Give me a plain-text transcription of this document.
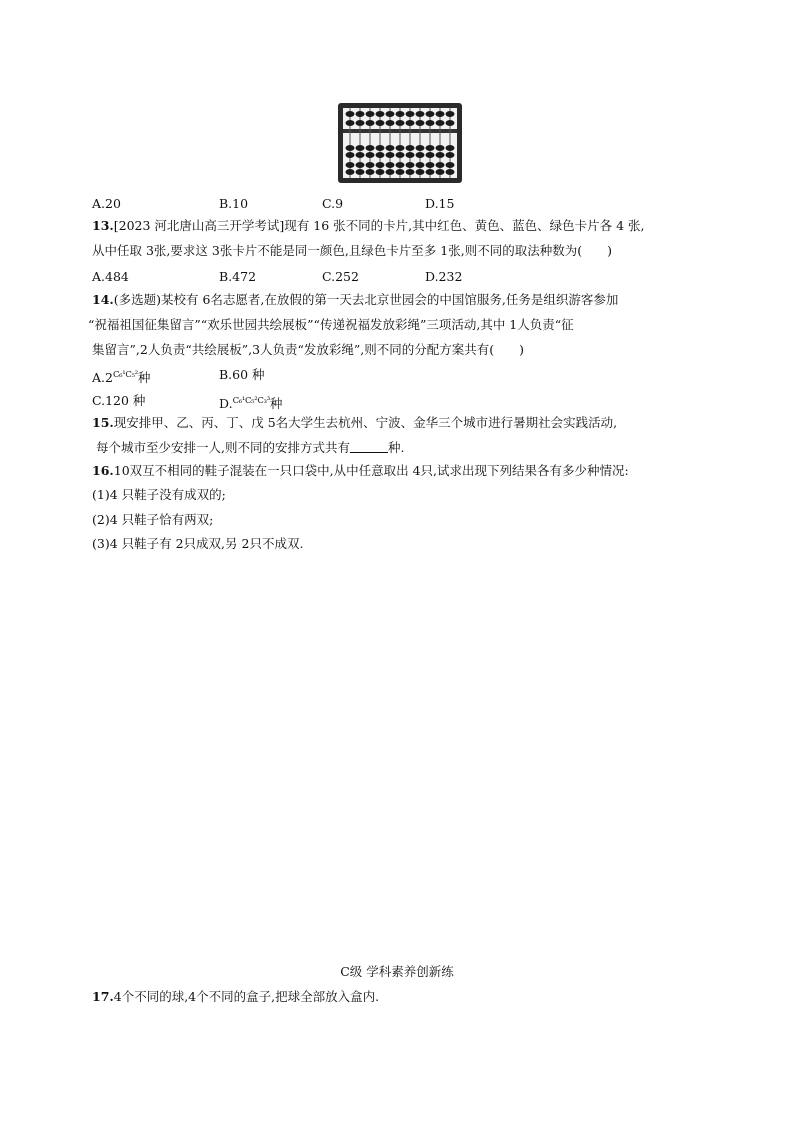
A.20	B.10	C.9	D.15
13.[2023 河北唐山高三开学考试]现有 16 张不同的卡片,其中红色、黄色、蓝色、绿色卡片各 4 张,
从中任取 3张,要求这 3张卡片不能是同一颜色,且绿色卡片至多 1张,则不同的取法种数为(　　)
A.484	B.472	C.252	D.232
14.(多选题)某校有 6名志愿者,在放假的第一天去北京世园会的中国馆服务,任务是组织游客参加
“祝福祖国征集留言”“欢乐世园共绘展板”“传递祝福发放彩绳”三项活动,其中 1人负责“征
集留言”,2人负责“共绘展板”,3人负责“发放彩绳”,则不同的分配方案共有(　　)
$A.2^{C_6^1C_5^2}$种	B.60 种
C.120 种	D.$^{C_6^1C_5^2C_3^3}$种
15.现安排甲、乙、丙、丁、戊 5名大学生去杭州、宁波、金华三个城市进行暑期社会实践活动,
每个城市至少安排一人,则不同的安排方式共有	种.
16.10双互不相同的鞋子混装在一只口袋中,从中任意取出 4只,试求出现下列结果各有多少种情况:
(1)4 只鞋子没有成双的;
(2)4 只鞋子恰有两双;
(3)4 只鞋子有 2只成双,另 2只不成双.
C级 学科素养创新练
17.4个不同的球,4个不同的盒子,把球全部放入盒内.
